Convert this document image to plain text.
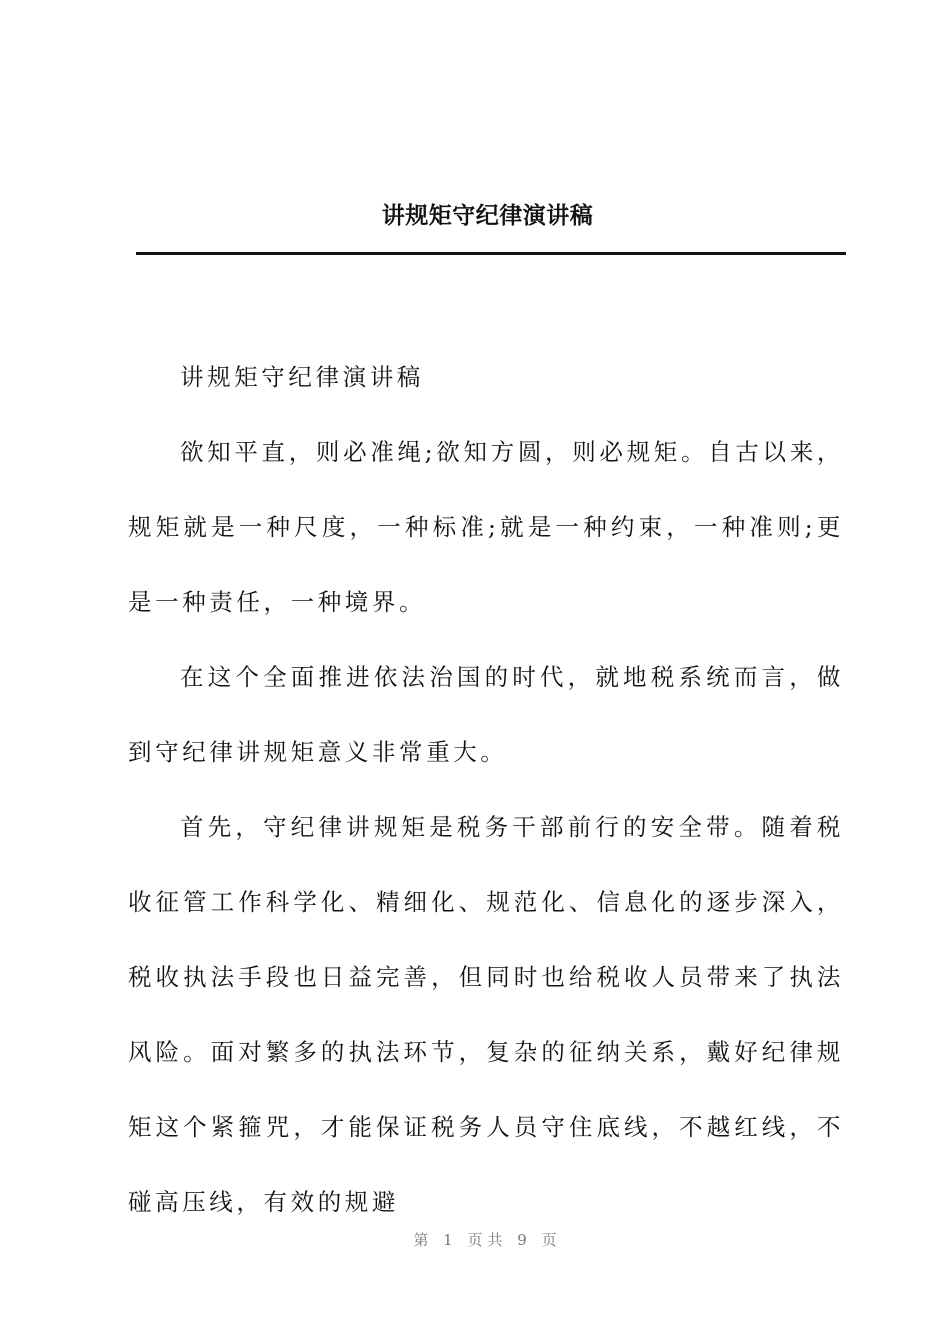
讲规矩守纪律演讲稿

讲规矩守纪律演讲稿

欲知平直，则必准绳;欲知方圆，则必规矩。自古以来，规矩就是一种尺度，一种标准;就是一种约束，一种准则;更是一种责任，一种境界。

在这个全面推进依法治国的时代，就地税系统而言，做到守纪律讲规矩意义非常重大。

首先，守纪律讲规矩是税务干部前行的安全带。随着税收征管工作科学化、精细化、规范化、信息化的逐步深入，税收执法手段也日益完善，但同时也给税收人员带来了执法风险。面对繁多的执法环节，复杂的征纳关系，戴好纪律规矩这个紧箍咒，才能保证税务人员守住底线，不越红线，不碰高压线，有效的规避

第 1 页共 9 页
